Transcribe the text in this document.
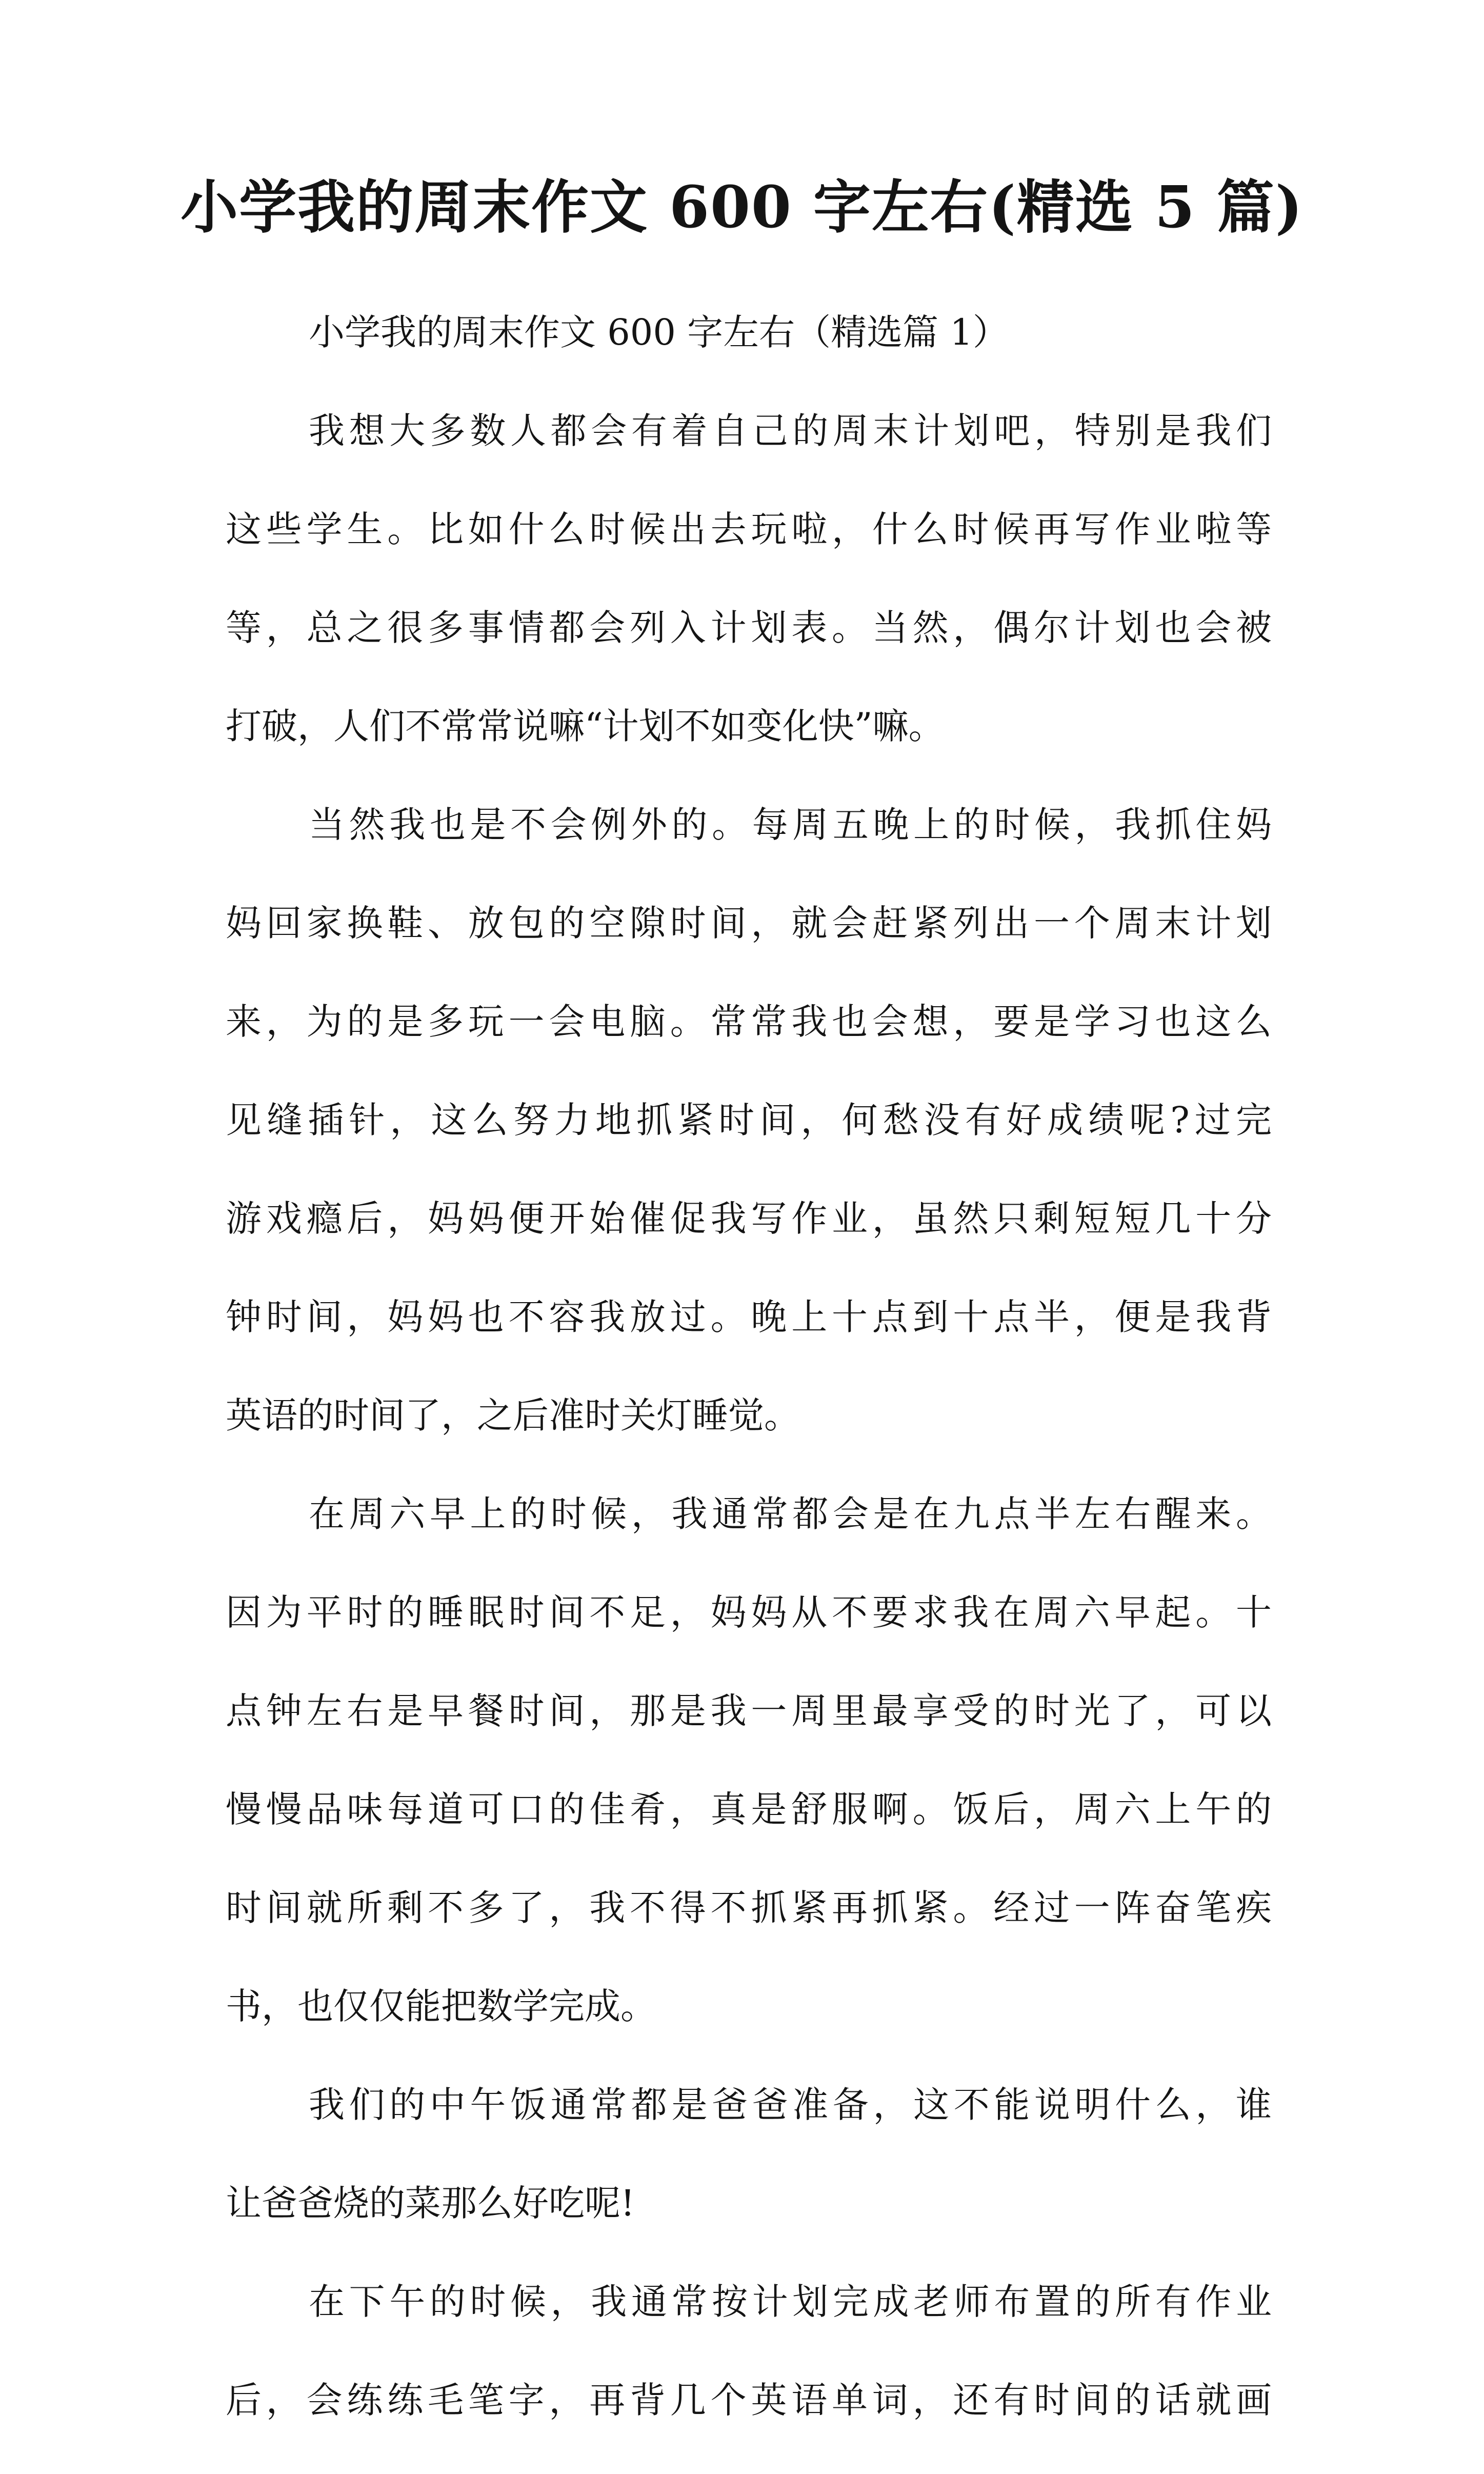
小学我的周末作文 600 字左右(精选 5 篇)

小学我的周末作文 600 字左右（精选篇 1）

我想大多数人都会有着自己的周末计划吧，特别是我们
这些学生。比如什么时候出去玩啦，什么时候再写作业啦等
等，总之很多事情都会列入计划表。当然，偶尔计划也会被
打破，人们不常常说嘛“计划不如变化快”嘛。

当然我也是不会例外的。每周五晚上的时候，我抓住妈
妈回家换鞋、放包的空隙时间，就会赶紧列出一个周末计划
来，为的是多玩一会电脑。常常我也会想，要是学习也这么
见缝插针，这么努力地抓紧时间，何愁没有好成绩呢?过完
游戏瘾后，妈妈便开始催促我写作业，虽然只剩短短几十分
钟时间，妈妈也不容我放过。晚上十点到十点半，便是我背
英语的时间了，之后准时关灯睡觉。

在周六早上的时候，我通常都会是在九点半左右醒来。
因为平时的睡眠时间不足，妈妈从不要求我在周六早起。十
点钟左右是早餐时间，那是我一周里最享受的时光了，可以
慢慢品味每道可口的佳肴，真是舒服啊。饭后，周六上午的
时间就所剩不多了，我不得不抓紧再抓紧。经过一阵奋笔疾
书，也仅仅能把数学完成。

我们的中午饭通常都是爸爸准备，这不能说明什么，谁
让爸爸烧的菜那么好吃呢!

在下午的时候，我通常按计划完成老师布置的所有作业
后，会练练毛笔字，再背几个英语单词，还有时间的话就画
